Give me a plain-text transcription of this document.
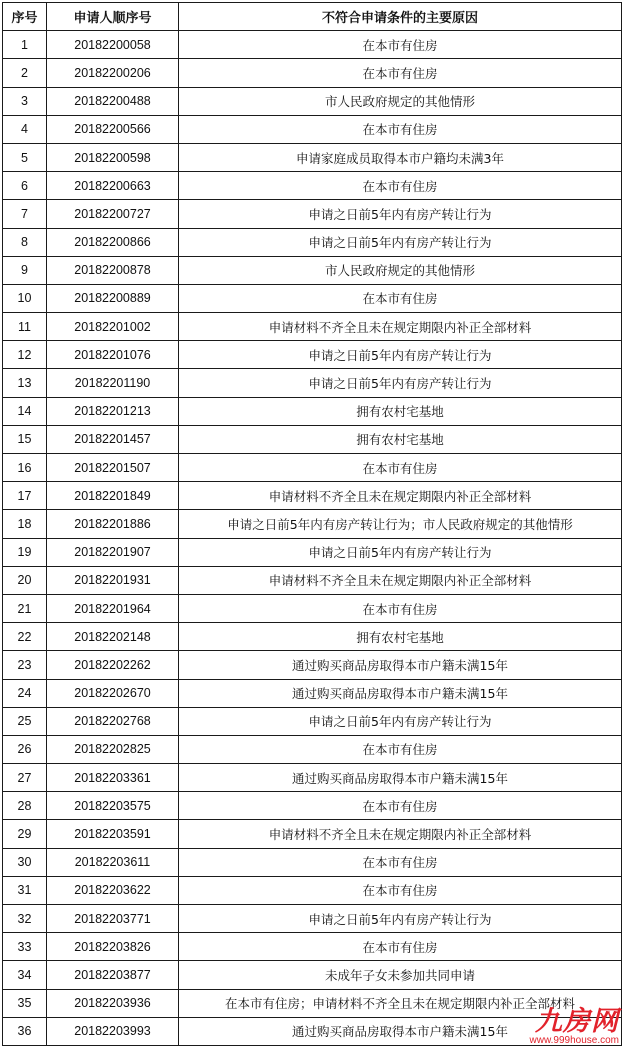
序号	申请人顺序号	不符合申请条件的主要原因
1	20182200058	在本市有住房
2	20182200206	在本市有住房
3	20182200488	市人民政府规定的其他情形
4	20182200566	在本市有住房
5	20182200598	申请家庭成员取得本市户籍均未满3年
6	20182200663	在本市有住房
7	20182200727	申请之日前5年内有房产转让行为
8	20182200866	申请之日前5年内有房产转让行为
9	20182200878	市人民政府规定的其他情形
10	20182200889	在本市有住房
11	20182201002	申请材料不齐全且未在规定期限内补正全部材料
12	20182201076	申请之日前5年内有房产转让行为
13	20182201190	申请之日前5年内有房产转让行为
14	20182201213	拥有农村宅基地
15	20182201457	拥有农村宅基地
16	20182201507	在本市有住房
17	20182201849	申请材料不齐全且未在规定期限内补正全部材料
18	20182201886	申请之日前5年内有房产转让行为；市人民政府规定的其他情形
19	20182201907	申请之日前5年内有房产转让行为
20	20182201931	申请材料不齐全且未在规定期限内补正全部材料
21	20182201964	在本市有住房
22	20182202148	拥有农村宅基地
23	20182202262	通过购买商品房取得本市户籍未满15年
24	20182202670	通过购买商品房取得本市户籍未满15年
25	20182202768	申请之日前5年内有房产转让行为
26	20182202825	在本市有住房
27	20182203361	通过购买商品房取得本市户籍未满15年
28	20182203575	在本市有住房
29	20182203591	申请材料不齐全且未在规定期限内补正全部材料
30	20182203611	在本市有住房
31	20182203622	在本市有住房
32	20182203771	申请之日前5年内有房产转让行为
33	20182203826	在本市有住房
34	20182203877	未成年子女未参加共同申请
35	20182203936	在本市有住房；申请材料不齐全且未在规定期限内补正全部材料
36	20182203993	通过购买商品房取得本市户籍未满15年 九房网
www.999house.com
